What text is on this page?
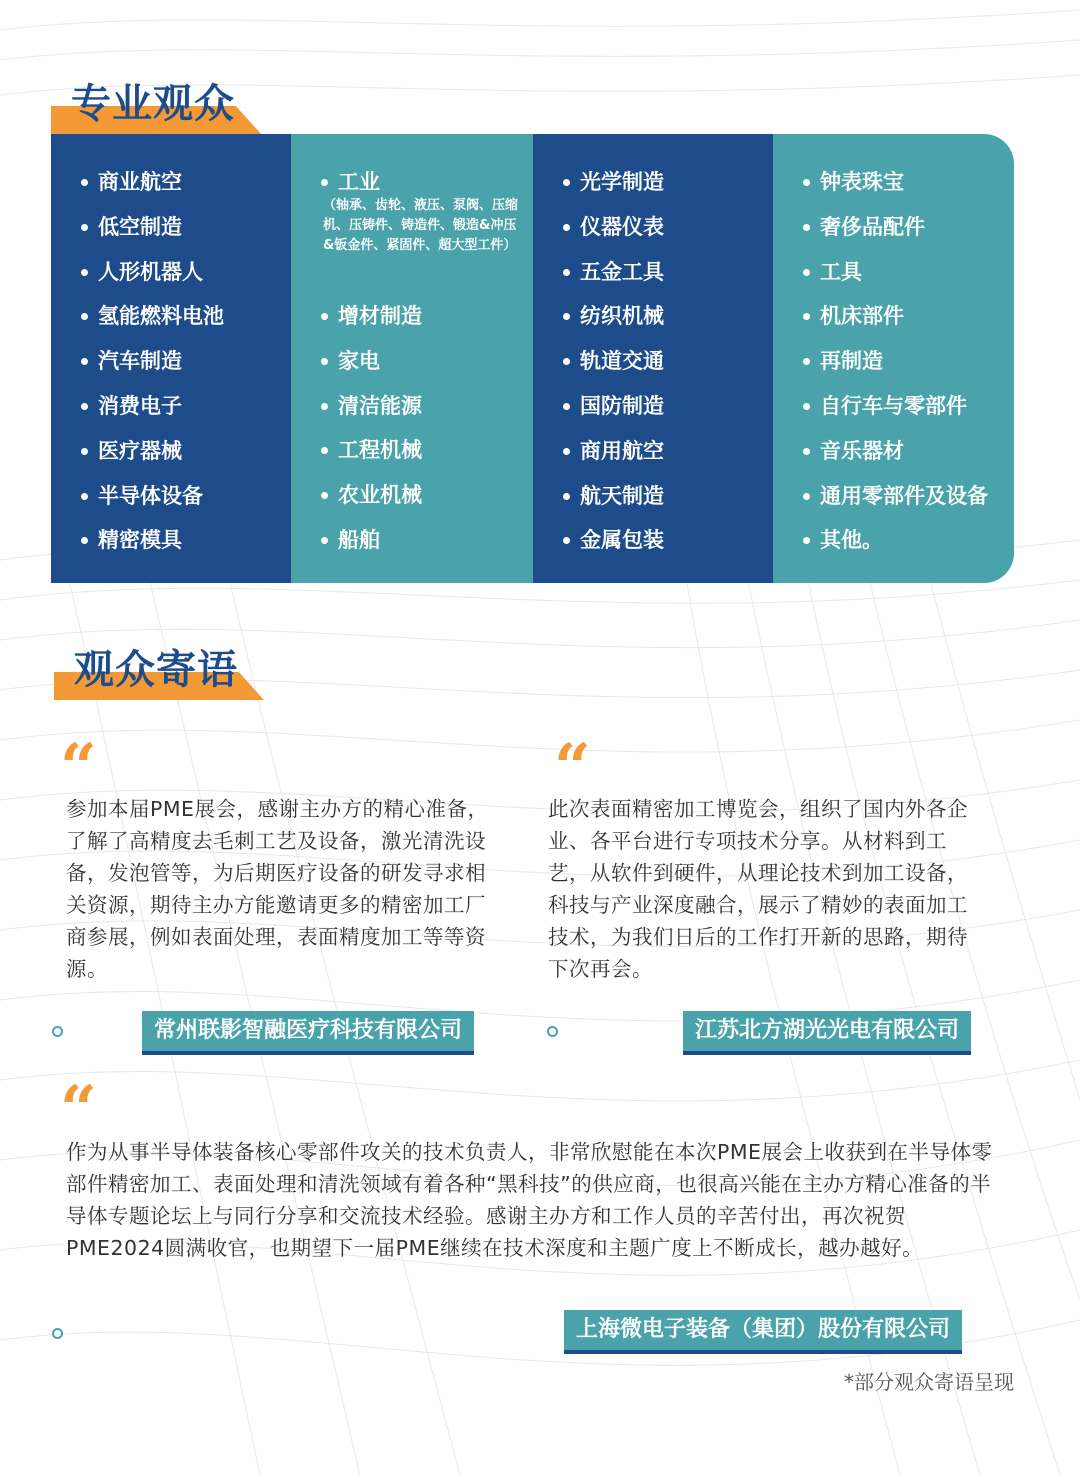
专业观众
商业航空
低空制造
人形机器人
氢能燃料电池
汽车制造
消费电子
医疗器械
半导体设备
精密模具
工业
（轴承、齿轮、液压、泵阀、压缩机、压铸件、铸造件、锻造&冲压&钣金件、紧固件、超大型工件）
增材制造
家电
清洁能源
工程机械
农业机械
船舶
光学制造
仪器仪表
五金工具
纺织机械
轨道交通
国防制造
商用航空
航天制造
金属包装
钟表珠宝
奢侈品配件
工具
机床部件
再制造
自行车与零部件
音乐器材
通用零部件及设备
其他。
观众寄语
“
参加本届PME展会，感谢主办方的精心准备，了解了高精度去毛刺工艺及设备，激光清洗设备，发泡管等，为后期医疗设备的研发寻求相关资源，期待主办方能邀请更多的精密加工厂商参展，例如表面处理，表面精度加工等等资源。
常州联影智融医疗科技有限公司
“
此次表面精密加工博览会，组织了国内外各企业、各平台进行专项技术分享。从材料到工艺，从软件到硬件，从理论技术到加工设备，科技与产业深度融合，展示了精妙的表面加工技术，为我们日后的工作打开新的思路，期待下次再会。
江苏北方湖光光电有限公司
“
作为从事半导体装备核心零部件攻关的技术负责人，非常欣慰能在本次PME展会上收获到在半导体零部件精密加工、表面处理和清洗领域有着各种“黑科技”的供应商，也很高兴能在主办方精心准备的半导体专题论坛上与同行分享和交流技术经验。感谢主办方和工作人员的辛苦付出，再次祝贺PME2024圆满收官，也期望下一届PME继续在技术深度和主题广度上不断成长，越办越好。
上海微电子装备（集团）股份有限公司
*部分观众寄语呈现
